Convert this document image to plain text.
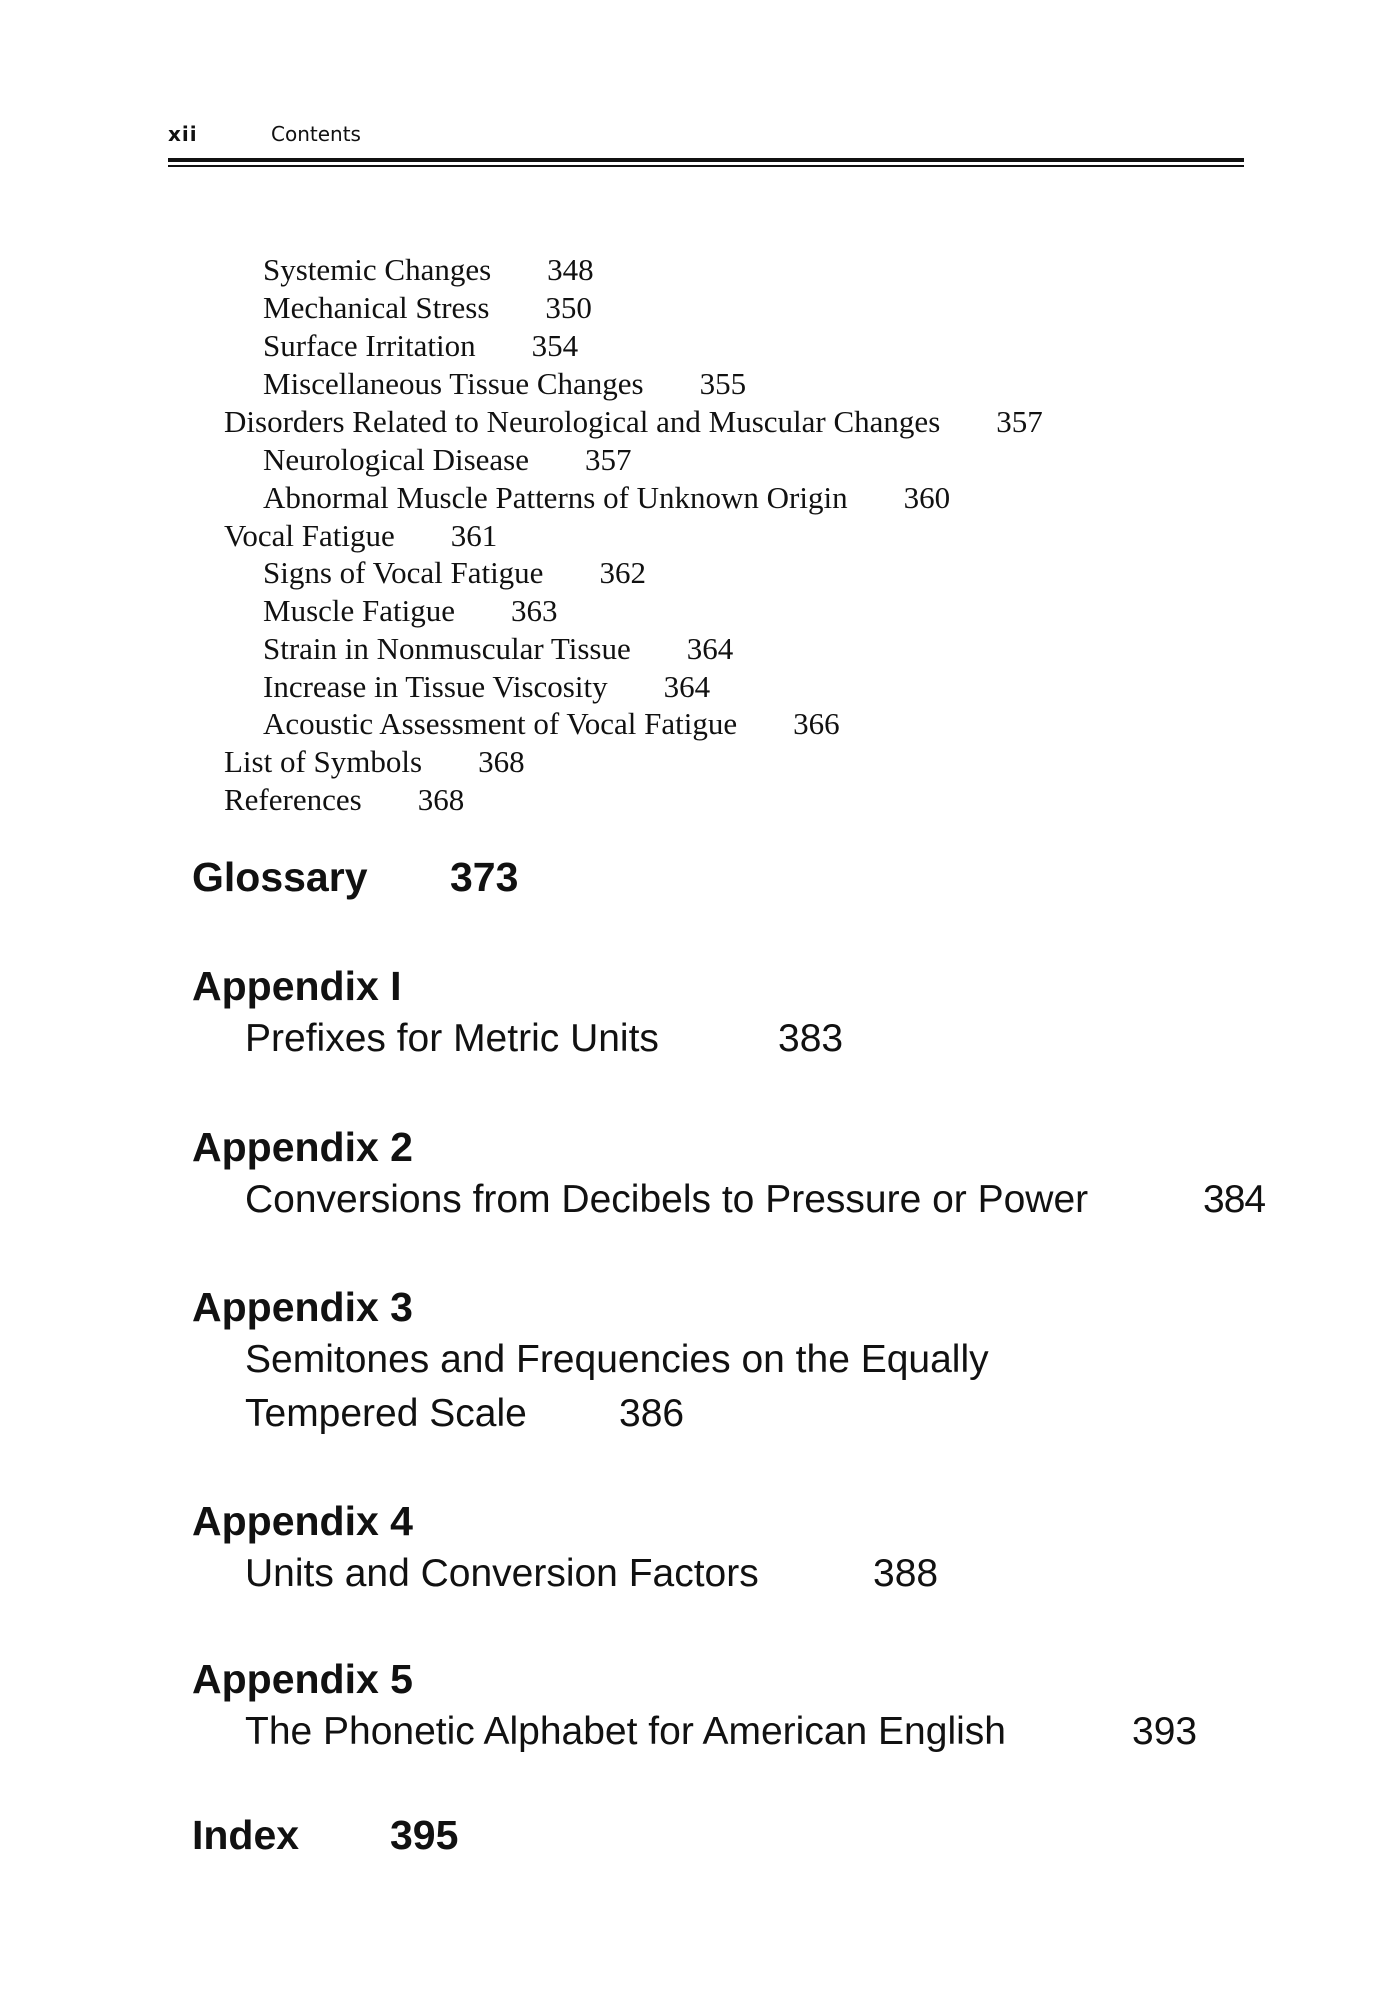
xii	Contents
Systemic Changes 348
Mechanical Stress 350
Surface Irritation 354
Miscellaneous Tissue Changes 355
Disorders Related to Neurological and Muscular Changes 357
Neurological Disease 357
Abnormal Muscle Patterns of Unknown Origin 360
Vocal Fatigue 361
Signs of Vocal Fatigue 362
Muscle Fatigue 363
Strain in Nonmuscular Tissue 364
Increase in Tissue Viscosity 364
Acoustic Assessment of Vocal Fatigue 366
List of Symbols 368
References 368
Glossary 373
Appendix I
Prefixes for Metric Units	383
Appendix 2
Conversions from Decibels to Pressure or Power	384
Appendix 3
Semitones and Frequencies on the Equally
Tempered Scale 386
Appendix 4
Units and Conversion Factors	388
Appendix 5
The Phonetic Alphabet for American English	393
Index 395
